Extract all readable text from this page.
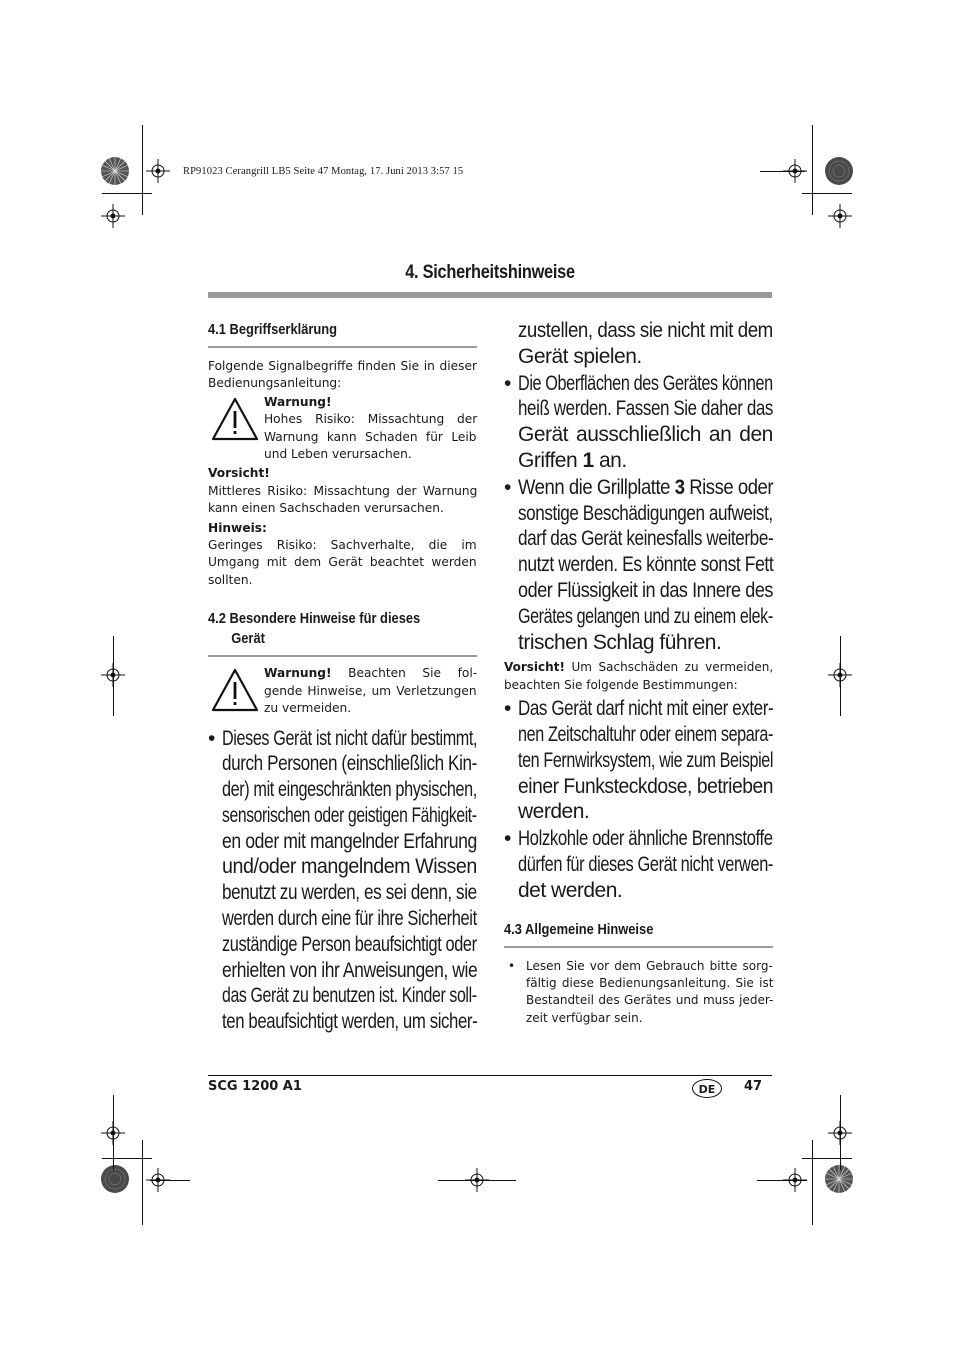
RP91023 Cerangrill LB5 Seite 47 Montag, 17. Juni 2013 3:57 15
4. Sicherheitshinweise
4.1 Begriffserklärung

Folgende Signalbegriffe finden Sie in dieser Bedienungsanleitung:

Warnung!

Hohes Risiko: Missachtung der
Warnung kann Schaden für Leib
und Leben verursachen.

Vorsicht!

Mittleres Risiko: Missachtung der Warnung
kann einen Sachschaden verursachen.

Hinweis:

Geringes Risiko: Sachverhalte, die im
Umgang mit dem Gerät beachtet werden
sollten.
4.2 Besondere Hinweise für dieses
Gerät
Warnung! Beachten Sie fol-
gende Hinweise, um Verletzungen
zu vermeiden.
• Dieses Gerät ist nicht dafür bestimmt,
durch Personen (einschließlich Kin-
der) mit eingeschränkten physischen,
sensorischen oder geistigen Fähigkeit-
en oder mit mangelnder Erfahrung
und/oder mangelndem Wissen
benutzt zu werden, es sei denn, sie
werden durch eine für ihre Sicherheit
zuständige Person beaufsichtigt oder
erhielten von ihr Anweisungen, wie
das Gerät zu benutzen ist. Kinder soll-
ten beaufsichtigt werden, um sicher-
zustellen, dass sie nicht mit dem
Gerät spielen.
• Die Oberflächen des Gerätes können
heiß werden. Fassen Sie daher das
Gerät ausschließlich an den
Griffen 1 an.
• Wenn die Grillplatte 3 Risse oder
sonstige Beschädigungen aufweist,
darf das Gerät keinesfalls weiterbe-
nutzt werden. Es könnte sonst Fett
oder Flüssigkeit in das Innere des
Gerätes gelangen und zu einem elek-
trischen Schlag führen.
Vorsicht! Um Sachschäden zu vermeiden,
beachten Sie folgende Bestimmungen:
• Das Gerät darf nicht mit einer exter-
nen Zeitschaltuhr oder einem separa-
ten Fernwirksystem, wie zum Beispiel
einer Funksteckdose, betrieben
werden.
• Holzkohle oder ähnliche Brennstoffe
dürfen für dieses Gerät nicht verwen-
det werden.
4.3 Allgemeine Hinweise
• Lesen Sie vor dem Gebrauch bitte sorg-
fältig diese Bedienungsanleitung. Sie ist
Bestandteil des Gerätes und muss jeder-
zeit verfügbar sein.
SCG 1200 A1	DE	47
